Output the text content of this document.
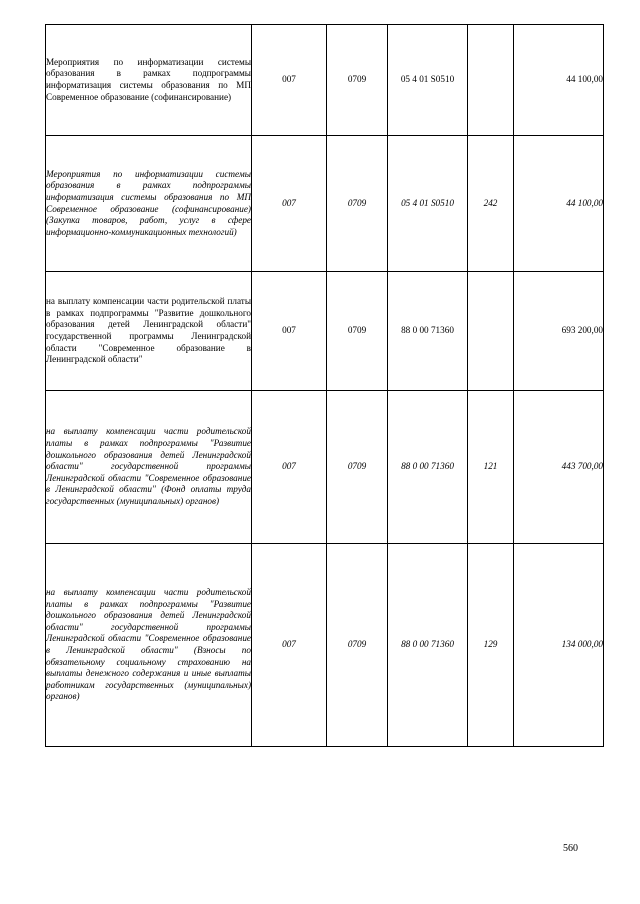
Мероприятия по информатизации системы образования в рамках подпрограммы информатизация системы образования по МП Современное образование (софинансирование)	007	0709	05 4 01 S0510		44 100,00
Мероприятия по информатизации системы образования в рамках подпрограммы информатизация системы образования по МП Современное образование (софинансирование) (Закупка товаров, работ, услуг в сфере информационно-коммуникационных технологий)	007	0709	05 4 01 S0510	242	44 100,00
на выплату компенсации части родительской платы в рамках подпрограммы "Развитие дошкольного образования детей Ленинградской области" государственной программы Ленинградской области "Современное образование в Ленинградской области"	007	0709	88 0 00 71360		693 200,00
на выплату компенсации части родительской платы в рамках подпрограммы "Развитие дошкольного образования детей Ленинградской области" государственной программы Ленинградской области "Современное образование в Ленинградской области" (Фонд оплаты труда государственных (муниципальных) органов)	007	0709	88 0 00 71360	121	443 700,00
на выплату компенсации части родительской платы в рамках подпрограммы "Развитие дошкольного образования детей Ленинградской области" государственной программы Ленинградской области "Современное образование в Ленинградской области" (Взносы по обязательному социальному страхованию на выплаты денежного содержания и иные выплаты работникам государственных (муниципальных) органов)	007	0709	88 0 00 71360	129	134 000,00
560
